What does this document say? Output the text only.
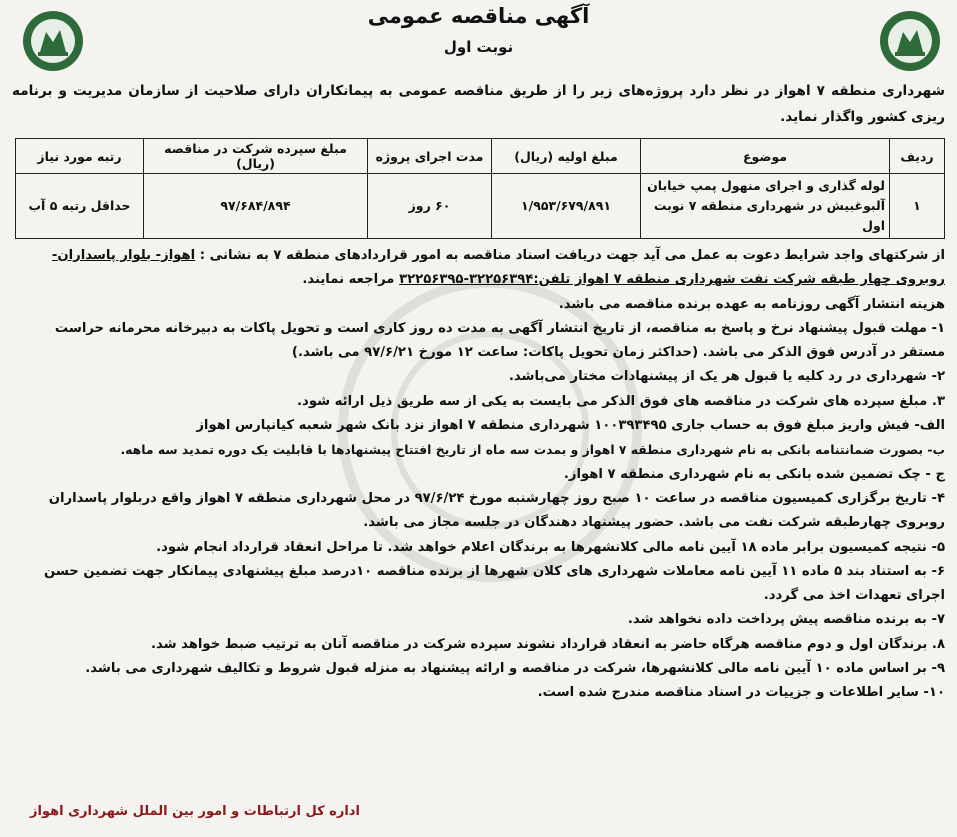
آگهی مناقصه عمومی
نوبت اول
شهرداری منطقه ۷ اهواز در نظر دارد پروژه‌های زیر را از طریق مناقصه عمومی به پیمانکاران دارای صلاحیت از سازمان مدیریت و برنامه ریزی کشور واگذار نماید.
ردیف	موضوع	مبلغ اولیه (ریال)	مدت اجرای پروژه	مبلغ سپرده شرکت در مناقصه (ریال)	رتبه مورد نیاز
۱	لوله گذاری و اجرای منهول پمپ خیابان آلبوغبیش در شهرداری منطقه ۷ نوبت اول	۱/۹۵۳/۶۷۹/۸۹۱	۶۰ روز	۹۷/۶۸۴/۸۹۴	حداقل رتبه ۵ آب

از شرکتهای واجد شرایط دعوت به عمل می آید جهت دریافت اسناد مناقصه به امور قراردادهای منطقه ۷ به نشانی : اهواز- بلوار پاسداران- روبروی چهار طبقه شرکت نفت شهرداری منطقه ۷ اهواز تلفن:۳۲۲۵۶۳۹۴-۳۲۲۵۶۳۹۵ مراجعه نمایند.

هزینه انتشار آگهی روزنامه به عهده برنده مناقصه می باشد.

۱- مهلت قبول پیشنهاد نرخ و پاسخ به مناقصه، از تاریخ انتشار آگهی به مدت ده روز کاری است و تحویل پاکات به دبیرخانه محرمانه حراست مستقر در آدرس فوق الذکر می باشد. (حداکثر زمان تحویل پاکات: ساعت ۱۲ مورخ ۹۷/۶/۲۱ می باشد.)

۲- شهرداری در رد کلیه یا قبول هر یک از پیشنهادات مختار می‌باشد.

۳. مبلغ سپرده های شرکت در مناقصه های فوق الذکر می بایست به یکی از سه طریق ذیل ارائه شود.

الف- فیش واریز مبلغ فوق به حساب جاری ۱۰۰۳۹۳۴۹۵ شهرداری منطقه ۷ اهواز نزد بانک شهر شعبه کیانپارس اهواز

ب- بصورت ضمانتنامه بانکی به نام شهرداری منطقه ۷ اهواز و بمدت سه ماه از تاریخ افتتاح پیشنهادها با قابلیت یک دوره تمدید سه ماهه.

ج - چک تضمین شده بانکی به نام شهرداری منطقه ۷ اهواز.

۴- تاریخ برگزاری کمیسیون مناقصه در ساعت ۱۰ صبح روز چهارشنبه مورخ ۹۷/۶/۲۴ در محل شهرداری منطقه ۷ اهواز واقع دربلوار پاسداران روبروی چهارطبقه شرکت نفت می باشد. حضور پیشنهاد دهندگان در جلسه مجاز می باشد.

۵- نتیجه کمیسیون برابر ماده ۱۸ آیین نامه مالی کلانشهرها به برندگان اعلام خواهد شد. تا مراحل انعقاد قرارداد انجام شود.

۶- به استناد بند ۵ ماده ۱۱ آیین نامه معاملات شهرداری های کلان شهرها از برنده مناقصه ۱۰درصد مبلغ پیشنهادی پیمانکار جهت تضمین حسن اجرای تعهدات اخذ می گردد.

۷- به برنده مناقصه پیش پرداخت داده نخواهد شد.

۸. برندگان اول و دوم مناقصه هرگاه حاضر به انعقاد قرارداد نشوند سپرده شرکت در مناقصه آنان به ترتیب ضبط خواهد شد.

۹- بر اساس ماده ۱۰ آیین نامه مالی کلانشهرها، شرکت در مناقصه و ارائه پیشنهاد به منزله قبول شروط و تکالیف شهرداری می باشد.

۱۰- سایر اطلاعات و جزییات در اسناد مناقصه مندرج شده است.

اداره کل ارتباطات و امور بین الملل شهرداری اهواز
